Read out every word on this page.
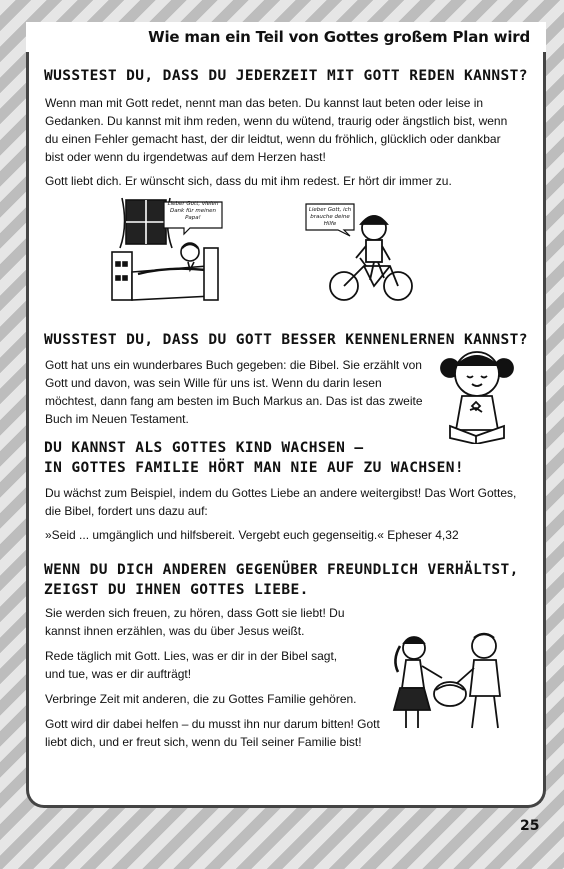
Wie man ein Teil von Gottes großem Plan wird
WUSSTEST DU, DASS DU JEDERZEIT MIT GOTT REDEN KANNST?

Wenn man mit Gott redet, nennt man das beten. Du kannst laut beten oder leise in Gedanken. Du kannst mit ihm reden, wenn du wütend, traurig oder ängstlich bist, wenn du einen Fehler gemacht hast, der dir leidtut, wenn du fröhlich, glücklich oder dankbar bist oder wenn du irgendetwas auf dem Herzen hast!

Gott liebt dich. Er wünscht sich, dass du mit ihm redest. Er hört dir immer zu.

Lieber Gott, vielen Dank für meinen Papa!
Lieber Gott, ich brauche deine Hilfe
WUSSTEST DU, DASS DU GOTT BESSER KENNENLERNEN KANNST?

Gott hat uns ein wunderbares Buch gegeben: die Bibel. Sie erzählt von Gott und davon, was sein Wille für uns ist. Wenn du darin lesen möchtest, dann fang am besten im Buch Markus an. Das ist das zweite Buch im Neuen Testament.

DU KANNST ALS GOTTES KIND WACHSEN –
IN GOTTES FAMILIE HÖRT MAN NIE AUF ZU WACHSEN!

Du wächst zum Beispiel, indem du Gottes Liebe an andere weitergibst! Das Wort Gottes, die Bibel, fordert uns dazu auf:

»Seid ... umgänglich und hilfsbereit. Vergebt euch gegenseitig.« Epheser 4,32

WENN DU DICH ANDEREN GEGENÜBER FREUNDLICH VERHÄLTST,
ZEIGST DU IHNEN GOTTES LIEBE.

Sie werden sich freuen, zu hören, dass Gott sie liebt! Du kannst ihnen erzählen, was du über Jesus weißt.

Rede täglich mit Gott. Lies, was er dir in der Bibel sagt, und tue, was er dir aufträgt!

Verbringe Zeit mit anderen, die zu Gottes Familie gehören.

Gott wird dir dabei helfen – du musst ihn nur darum bitten! Gott liebt dich, und er freut sich, wenn du Teil seiner Familie bist!

25
